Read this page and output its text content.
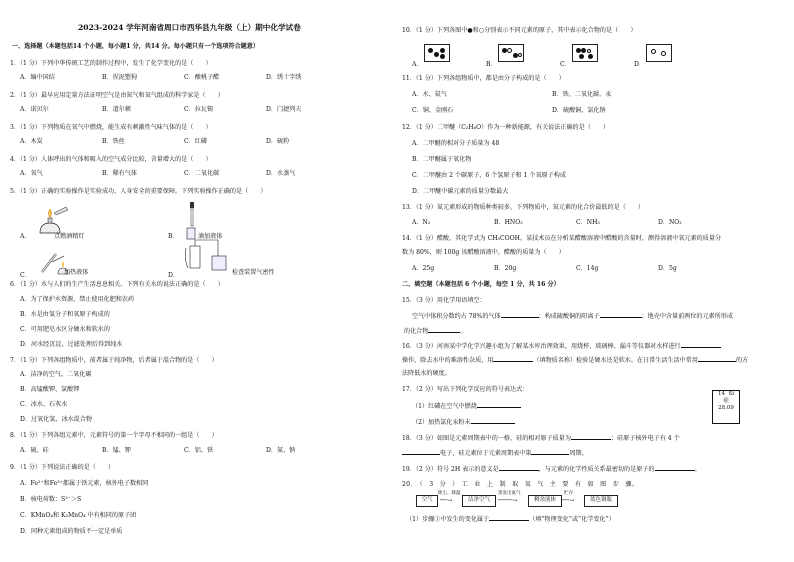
2023-2024 学年河南省周口市西华县九年级（上）期中化学试卷
一、选择题（本题包括14 个小题，每小题1 分，共14 分。每小题只有一个选项符合题意）
1．（1 分）下列中华传统工艺的制作过程中，发生了化学变化的是（　　）
A．编中国结	B．捏泥塑狗	C．酿桃子醋	D．绣十字绣
2．（1 分）最早应用定量方法证明空气是由氮气和氧气组成的科学家是（　　）
A．诺贝尔	B．道尔顿	C．拉瓦锡	D．门捷列夫
3．（1 分）下列物质在氧气中燃烧，能生成有刺激性气味气体的是（　　）
A．木炭	B．铁丝	C．红磷	D．硫粉
4．（1 分）人体呼出的气体和吸入的空气成分比较，含量增大的是（　　）
A．氧气	B．稀有气体	C．二氧化碳	D．水蒸气
5．（1 分）正确的实验操作是实验成功、人身安全的重要保障。下列实验操作正确的是（　　）
A．	点燃酒精灯	B．	滴加液体
C．	加热液体	D．	检查装置气密性
6．（1 分）水与人们的生产生活息息相关。下列有关水的说法正确的是（　　）
A．为了保护水资源，禁止使用化肥和农药
B．水是由氢分子和氧原子构成的
C．可用肥皂水区分硬水和软水的
D．河水经沉淀、过滤处理后得到纯水
7．（1 分）下列各组物质中，前者属于纯净物，后者属于混合物的是（　　）
A．洁净的空气、二氧化碳
B．高锰酸钾、氯酸钾
C．冰水、石灰水
D．过氧化氢、冰水混合物
8．（1 分）下列各组元素中，元素符号的第一个字母不相同的一组是（　　）
A．硫、硅	B．锰、钾	C．铝、铁	D．氮、钠
9．（1 分）下列说法正确的是（　　）
A．Fe²⁺和Fe³⁺都属于铁元素，核外电子数相同
B．核电荷数：S²⁻＞S
C．KMnO₄和 K₂MnO₄ 中有相同的原子团
D．同种元素组成的物质不一定是单质
10．（1 分）下列各图中●和○分别表示不同元素的原子，其中表示化合物的是（　　）
A．	B．	C．	D．
11．（1 分）下列各组物质中，都是由分子构成的是（　　）
A．水、氦气	B．铁、二氧化碳、汞
C．铜、金刚石	D．硫酸铜、氯化钠
12．（1 分）二甲醚（C₂H₆O）作为一种新能源，有关说法正确的是（　　）
A．二甲醚的相对分子质量为 48
B．二甲醚属于氧化物
C．二甲醚由 2 个碳原子、6 个氢原子和 1 个氧原子构成
D．二甲醚中碳元素的质量分数最大
13．（1 分）氮元素形成的物质种类较多。下列物质中，氮元素的化合价最低的是（　　）
A．N₂	B．HNO₃	C．NH₃	D．NO₂
14．（1 分）醋酸，其化学式为 CH₃COOH。某技术员在分析某醋酸溶液中醋酸的含量时，测得溶液中氧元素的质量分
数为 80%，则 100g 该醋酸溶液中，醋酸的质量为（　　）
A．25g	B．20g	C．14g	D．5g
二、填空题（本题包括 6 个小题，每空 1 分，共 16 分）
15．（3 分）用化学用语填空：
空气中体积分数约占 78%的气体	；构成硫酸铜的阳离子	；地壳中含量前两位的元素所形成
的化合物	。
16．（3 分）河南某中学化学兴趣小组为了解某水库治理效果，用烧杯、玻璃棒、漏斗等仪器对水样进行
操作，除去水中的难溶性杂质，用	（填物质名称）检验是硬水还是软水。在日常生活生活中常用	的方
法降低水的硬度。
17．（2 分）写出下列化学反应的符号表达式：
（1）红磷在空气中燃烧
（2）加热氯化汞粉末
14 Si
硅
28.09
18．（3 分）如图是元素周期表中的一格，硅的相对原子质量为	；硅原子核外电子有 4 个
电子，硅元素位于元素周期表中第	周期。
19．（2 分）符号 2H 表示的意义是	，与元素的化学性质关系最密切的是原子的	。
20．　（　3　分　）　工　业　上　制　取　氧　气　主　要　有　如　图　步　骤。
空气
除尘、降温
──→	洁净空气
蒸发出氮气
────→	剩余液体
贮存
──→	蓝色钢瓶
（1）步骤①中发生的变化属于	（填“物理变化”或“化学变化”）
